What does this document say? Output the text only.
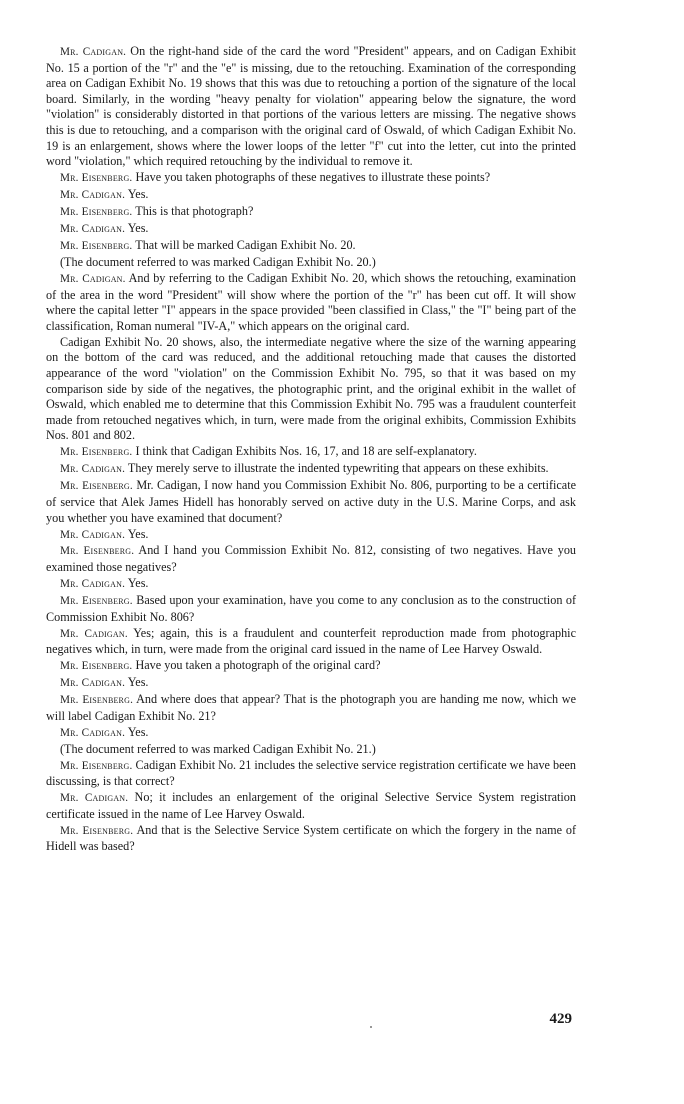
Mr. Cadigan. On the right-hand side of the card the word "President" appears, and on Cadigan Exhibit No. 15 a portion of the "r" and the "e" is missing, due to the retouching. Examination of the corresponding area on Cadigan Exhibit No. 19 shows that this was due to retouching a portion of the signature of the local board. Similarly, in the wording "heavy penalty for violation" appearing below the signature, the word "violation" is considerably distorted in that portions of the various letters are missing. The negative shows this is due to retouching, and a comparison with the original card of Oswald, of which Cadigan Exhibit No. 19 is an enlargement, shows where the lower loops of the letter "f" cut into the letter, cut into the printed word "violation," which required retouching by the individual to remove it.

Mr. Eisenberg. Have you taken photographs of these negatives to illustrate these points?

Mr. Cadigan. Yes.

Mr. Eisenberg. This is that photograph?

Mr. Cadigan. Yes.

Mr. Eisenberg. That will be marked Cadigan Exhibit No. 20.

(The document referred to was marked Cadigan Exhibit No. 20.)

Mr. Cadigan. And by referring to the Cadigan Exhibit No. 20, which shows the retouching, examination of the area in the word "President" will show where the portion of the "r" has been cut off. It will show where the capital letter "I" appears in the space provided "been classified in Class," the "I" being part of the classification, Roman numeral "IV-A," which appears on the original card.

Cadigan Exhibit No. 20 shows, also, the intermediate negative where the size of the warning appearing on the bottom of the card was reduced, and the additional retouching made that causes the distorted appearance of the word "violation" on the Commission Exhibit No. 795, so that it was based on my comparison side by side of the negatives, the photographic print, and the original exhibit in the wallet of Oswald, which enabled me to determine that this Commission Exhibit No. 795 was a fraudulent counterfeit made from retouched negatives which, in turn, were made from the original exhibits, Commission Exhibits Nos. 801 and 802.

Mr. Eisenberg. I think that Cadigan Exhibits Nos. 16, 17, and 18 are self-explanatory.

Mr. Cadigan. They merely serve to illustrate the indented typewriting that appears on these exhibits.

Mr. Eisenberg. Mr. Cadigan, I now hand you Commission Exhibit No. 806, purporting to be a certificate of service that Alek James Hidell has honorably served on active duty in the U.S. Marine Corps, and ask you whether you have examined that document?

Mr. Cadigan. Yes.

Mr. Eisenberg. And I hand you Commission Exhibit No. 812, consisting of two negatives. Have you examined those negatives?

Mr. Cadigan. Yes.

Mr. Eisenberg. Based upon your examination, have you come to any conclusion as to the construction of Commission Exhibit No. 806?

Mr. Cadigan. Yes; again, this is a fraudulent and counterfeit reproduction made from photographic negatives which, in turn, were made from the original card issued in the name of Lee Harvey Oswald.

Mr. Eisenberg. Have you taken a photograph of the original card?

Mr. Cadigan. Yes.

Mr. Eisenberg. And where does that appear? That is the photograph you are handing me now, which we will label Cadigan Exhibit No. 21?

Mr. Cadigan. Yes.

(The document referred to was marked Cadigan Exhibit No. 21.)

Mr. Eisenberg. Cadigan Exhibit No. 21 includes the selective service registration certificate we have been discussing, is that correct?

Mr. Cadigan. No; it includes an enlargement of the original Selective Service System registration certificate issued in the name of Lee Harvey Oswald.

Mr. Eisenberg. And that is the Selective Service System certificate on which the forgery in the name of Hidell was based?

429
